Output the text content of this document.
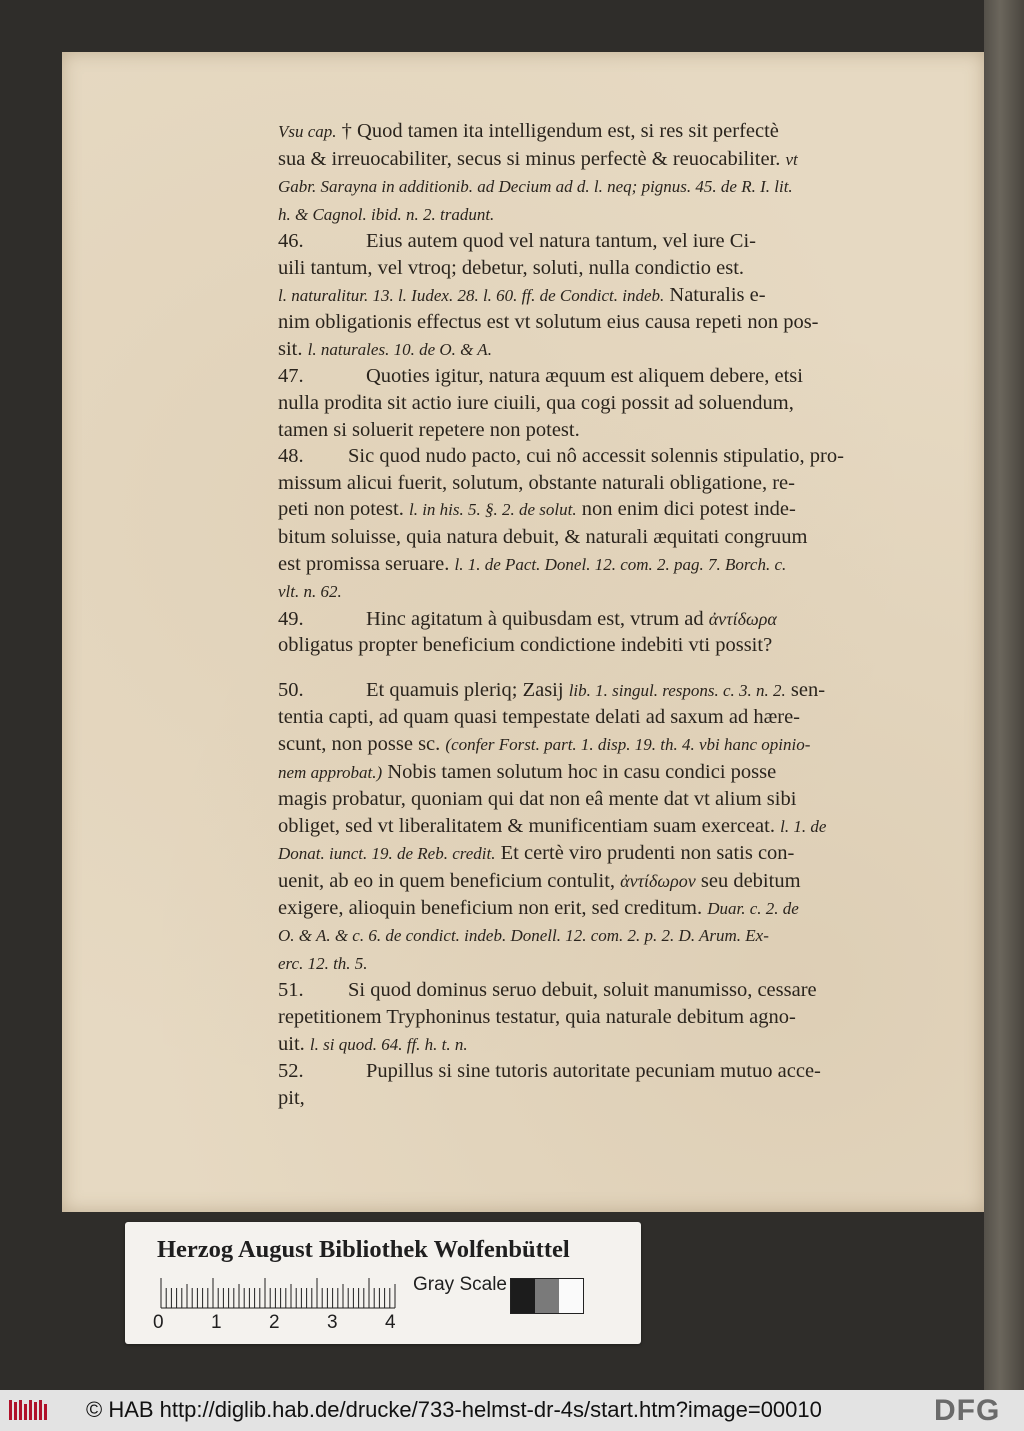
Vsu cap. † Quod tamen ita intelligendum est, si res sit perfectè

sua & irreuocabiliter, secus si minus perfectè & reuocabiliter. vt

Gabr. Sarayna in additionib. ad Decium ad d. l. neq; pignus. 45. de R. I. lit.

h. & Cagnol. ibid. n. 2. tradunt.

46.	Eius autem quod vel natura tantum, vel iure Ci-

uili tantum, vel vtroq; debetur, soluti, nulla condictio est.

l. naturalitur. 13. l. Iudex. 28. l. 60. ff. de Condict. indeb. Naturalis e-

nim obligationis effectus est vt solutum eius causa repeti non pos-

sit. l. naturales. 10. de O. & A.

47.	Quoties igitur, natura æquum est aliquem debere, etsi

nulla prodita sit actio iure ciuili, qua cogi possit ad soluendum,

tamen si soluerit repetere non potest.

48. Sic quod nudo pacto, cui nô accessit solennis stipulatio, pro-

missum alicui fuerit, solutum, obstante naturali obligatione, re-

peti non potest. l. in his. 5. §. 2. de solut. non enim dici potest inde-

bitum soluisse, quia natura debuit, & naturali æquitati congruum

est promissa seruare. l. 1. de Pact. Donel. 12. com. 2. pag. 7. Borch. c.

vlt. n. 62.

49.	Hinc agitatum à quibusdam est, vtrum ad ἀντίδωρα

obligatus propter beneficium condictione indebiti vti possit?

50.	Et quamuis pleriq; Zasij lib. 1. singul. respons. c. 3. n. 2. sen-

tentia capti, ad quam quasi tempestate delati ad saxum ad hære-

scunt, non posse sc. (confer Forst. part. 1. disp. 19. th. 4. vbi hanc opinio-

nem approbat.) Nobis tamen solutum hoc in casu condici posse

magis probatur, quoniam qui dat non eâ mente dat vt alium sibi

obliget, sed vt liberalitatem & munificentiam suam exerceat. l. 1. de

Donat. iunct. 19. de Reb. credit. Et certè viro prudenti non satis con-

uenit, ab eo in quem beneficium contulit, ἀντίδωρον seu debitum

exigere, alioquin beneficium non erit, sed creditum. Duar. c. 2. de

O. & A. & c. 6. de condict. indeb. Donell. 12. com. 2. p. 2. D. Arum. Ex-

erc. 12. th. 5.

51. Si quod dominus seruo debuit, soluit manumisso, cessare

repetitionem Tryphoninus testatur, quia naturale debitum agno-

uit. l. si quod. 64. ff. h. t. n.

52.	Pupillus si sine tutoris autoritate pecuniam mutuo acce-

pit,

Herzog August Bibliothek Wolfenbüttel
0 1 2 3 4
Gray Scale
© HAB http://diglib.hab.de/drucke/733-helmst-dr-4s/start.htm?image=00010	DFG
